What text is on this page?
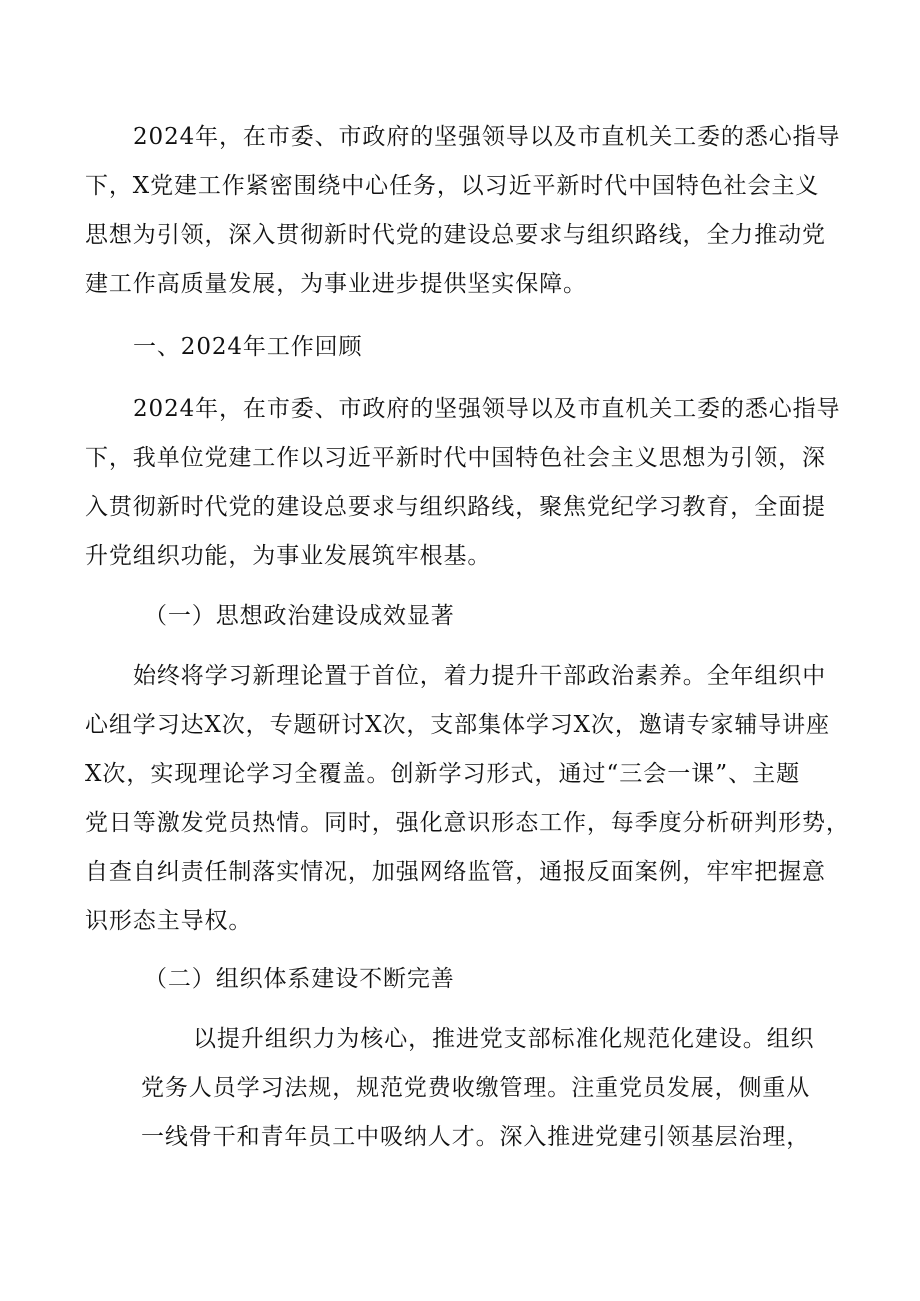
2024年，在市委、市政府的坚强领导以及市直机关工委的悉心指导
下，X党建工作紧密围绕中心任务，以习近平新时代中国特色社会主义
思想为引领，深入贯彻新时代党的建设总要求与组织路线，全力推动党
建工作高质量发展，为事业进步提供坚实保障。
一、2024年工作回顾
2024年，在市委、市政府的坚强领导以及市直机关工委的悉心指导
下，我单位党建工作以习近平新时代中国特色社会主义思想为引领，深
入贯彻新时代党的建设总要求与组织路线，聚焦党纪学习教育，全面提
升党组织功能，为事业发展筑牢根基。
（一）思想政治建设成效显著
始终将学习新理论置于首位，着力提升干部政治素养。全年组织中
心组学习达X次，专题研讨X次，支部集体学习X次，邀请专家辅导讲座
X次，实现理论学习全覆盖。创新学习形式，通过“三会一课”、主题
党日等激发党员热情。同时，强化意识形态工作，每季度分析研判形势，
自查自纠责任制落实情况，加强网络监管，通报反面案例，牢牢把握意
识形态主导权。
（二）组织体系建设不断完善
以提升组织力为核心，推进党支部标准化规范化建设。组织
党务人员学习法规，规范党费收缴管理。注重党员发展，侧重从
一线骨干和青年员工中吸纳人才。深入推进党建引领基层治理，
